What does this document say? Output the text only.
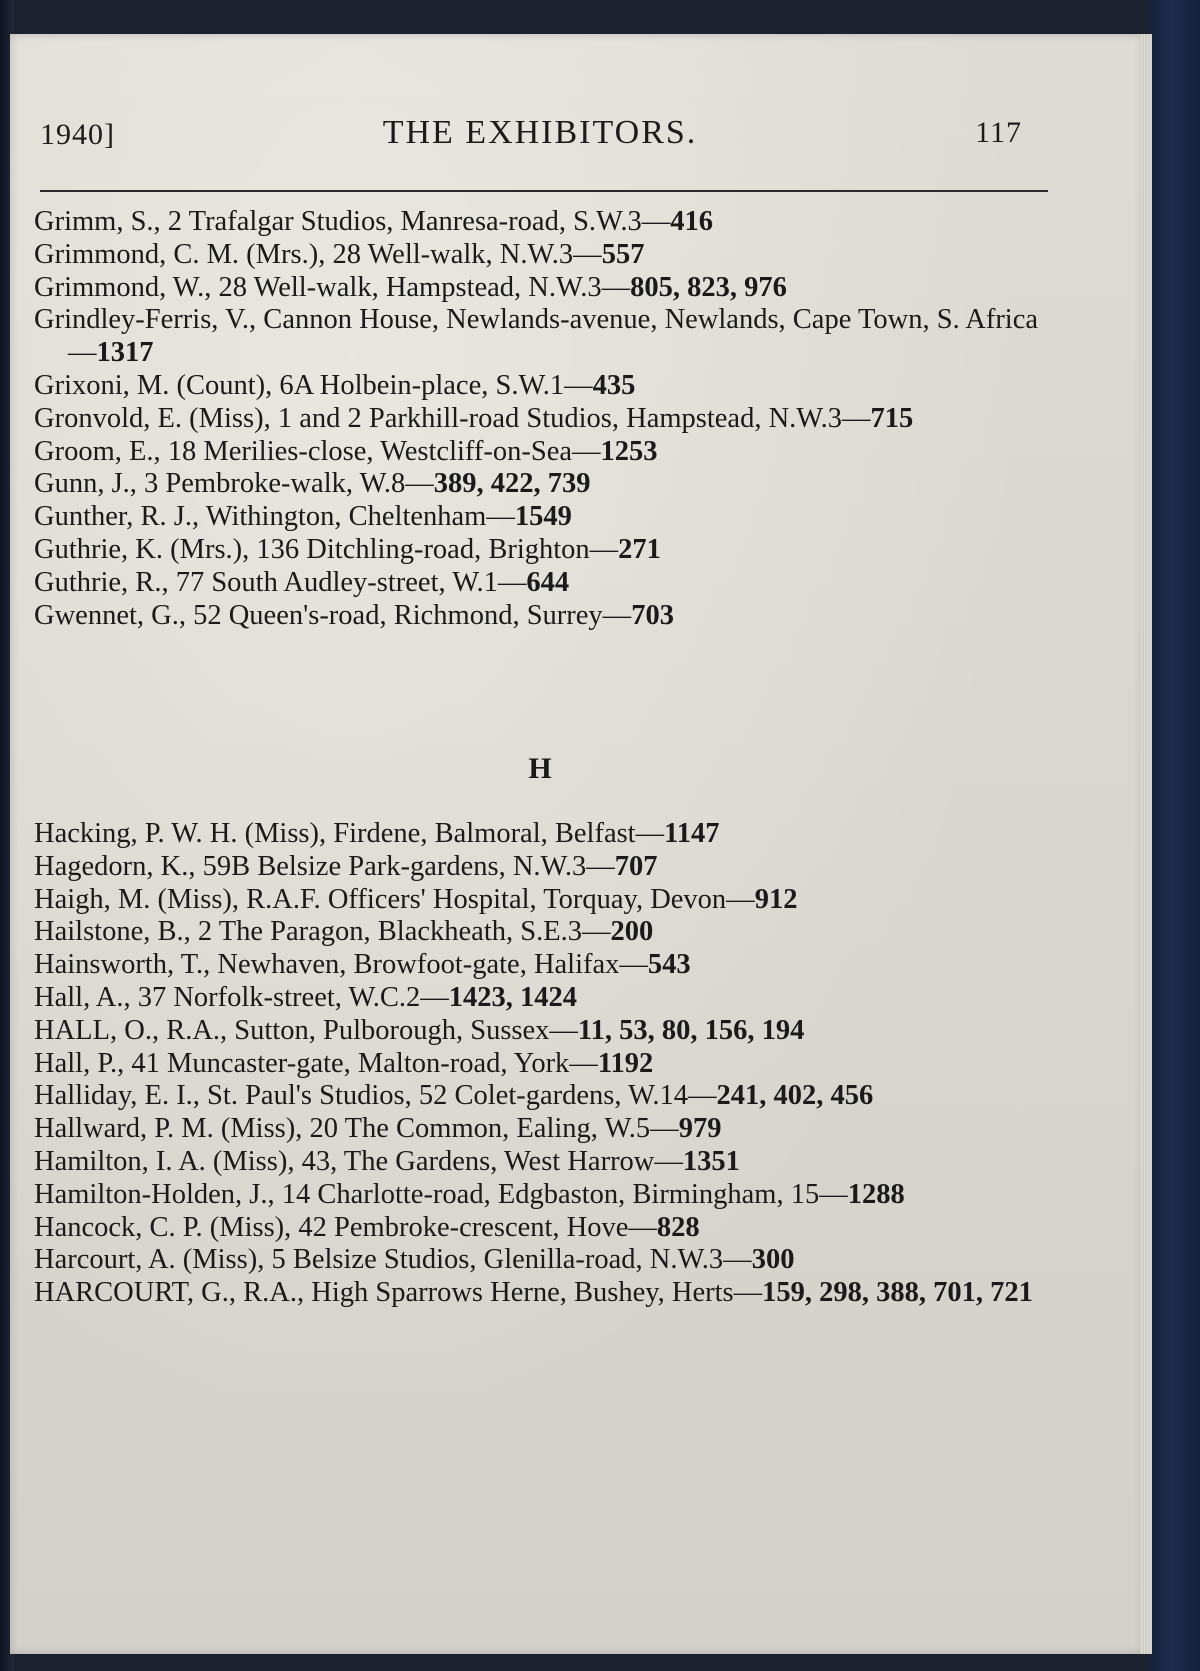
1940]	THE EXHIBITORS.	117
Grimm, S., 2 Trafalgar Studios, Manresa-road, S.W.3—416
Grimmond, C. M. (Mrs.), 28 Well-walk, N.W.3—557
Grimmond, W., 28 Well-walk, Hampstead, N.W.3—805, 823, 976
Grindley-Ferris, V., Cannon House, Newlands-avenue, Newlands, Cape Town, S. Africa—1317
Grixoni, M. (Count), 6A Holbein-place, S.W.1—435
Gronvold, E. (Miss), 1 and 2 Parkhill-road Studios, Hampstead, N.W.3—715
Groom, E., 18 Merilies-close, Westcliff-on-Sea—1253
Gunn, J., 3 Pembroke-walk, W.8—389, 422, 739
Gunther, R. J., Withington, Cheltenham—1549
Guthrie, K. (Mrs.), 136 Ditchling-road, Brighton—271
Guthrie, R., 77 South Audley-street, W.1—644
Gwennet, G., 52 Queen's-road, Richmond, Surrey—703
H
Hacking, P. W. H. (Miss), Firdene, Balmoral, Belfast—1147
Hagedorn, K., 59B Belsize Park-gardens, N.W.3—707
Haigh, M. (Miss), R.A.F. Officers' Hospital, Torquay, Devon—912
Hailstone, B., 2 The Paragon, Blackheath, S.E.3—200
Hainsworth, T., Newhaven, Browfoot-gate, Halifax—543
Hall, A., 37 Norfolk-street, W.C.2—1423, 1424
HALL, O., R.A., Sutton, Pulborough, Sussex—11, 53, 80, 156, 194
Hall, P., 41 Muncaster-gate, Malton-road, York—1192
Halliday, E. I., St. Paul's Studios, 52 Colet-gardens, W.14—241, 402, 456
Hallward, P. M. (Miss), 20 The Common, Ealing, W.5—979
Hamilton, I. A. (Miss), 43, The Gardens, West Harrow—1351
Hamilton-Holden, J., 14 Charlotte-road, Edgbaston, Birmingham, 15—1288
Hancock, C. P. (Miss), 42 Pembroke-crescent, Hove—828
Harcourt, A. (Miss), 5 Belsize Studios, Glenilla-road, N.W.3—300
HARCOURT, G., R.A., High Sparrows Herne, Bushey, Herts—159, 298, 388, 701, 721
